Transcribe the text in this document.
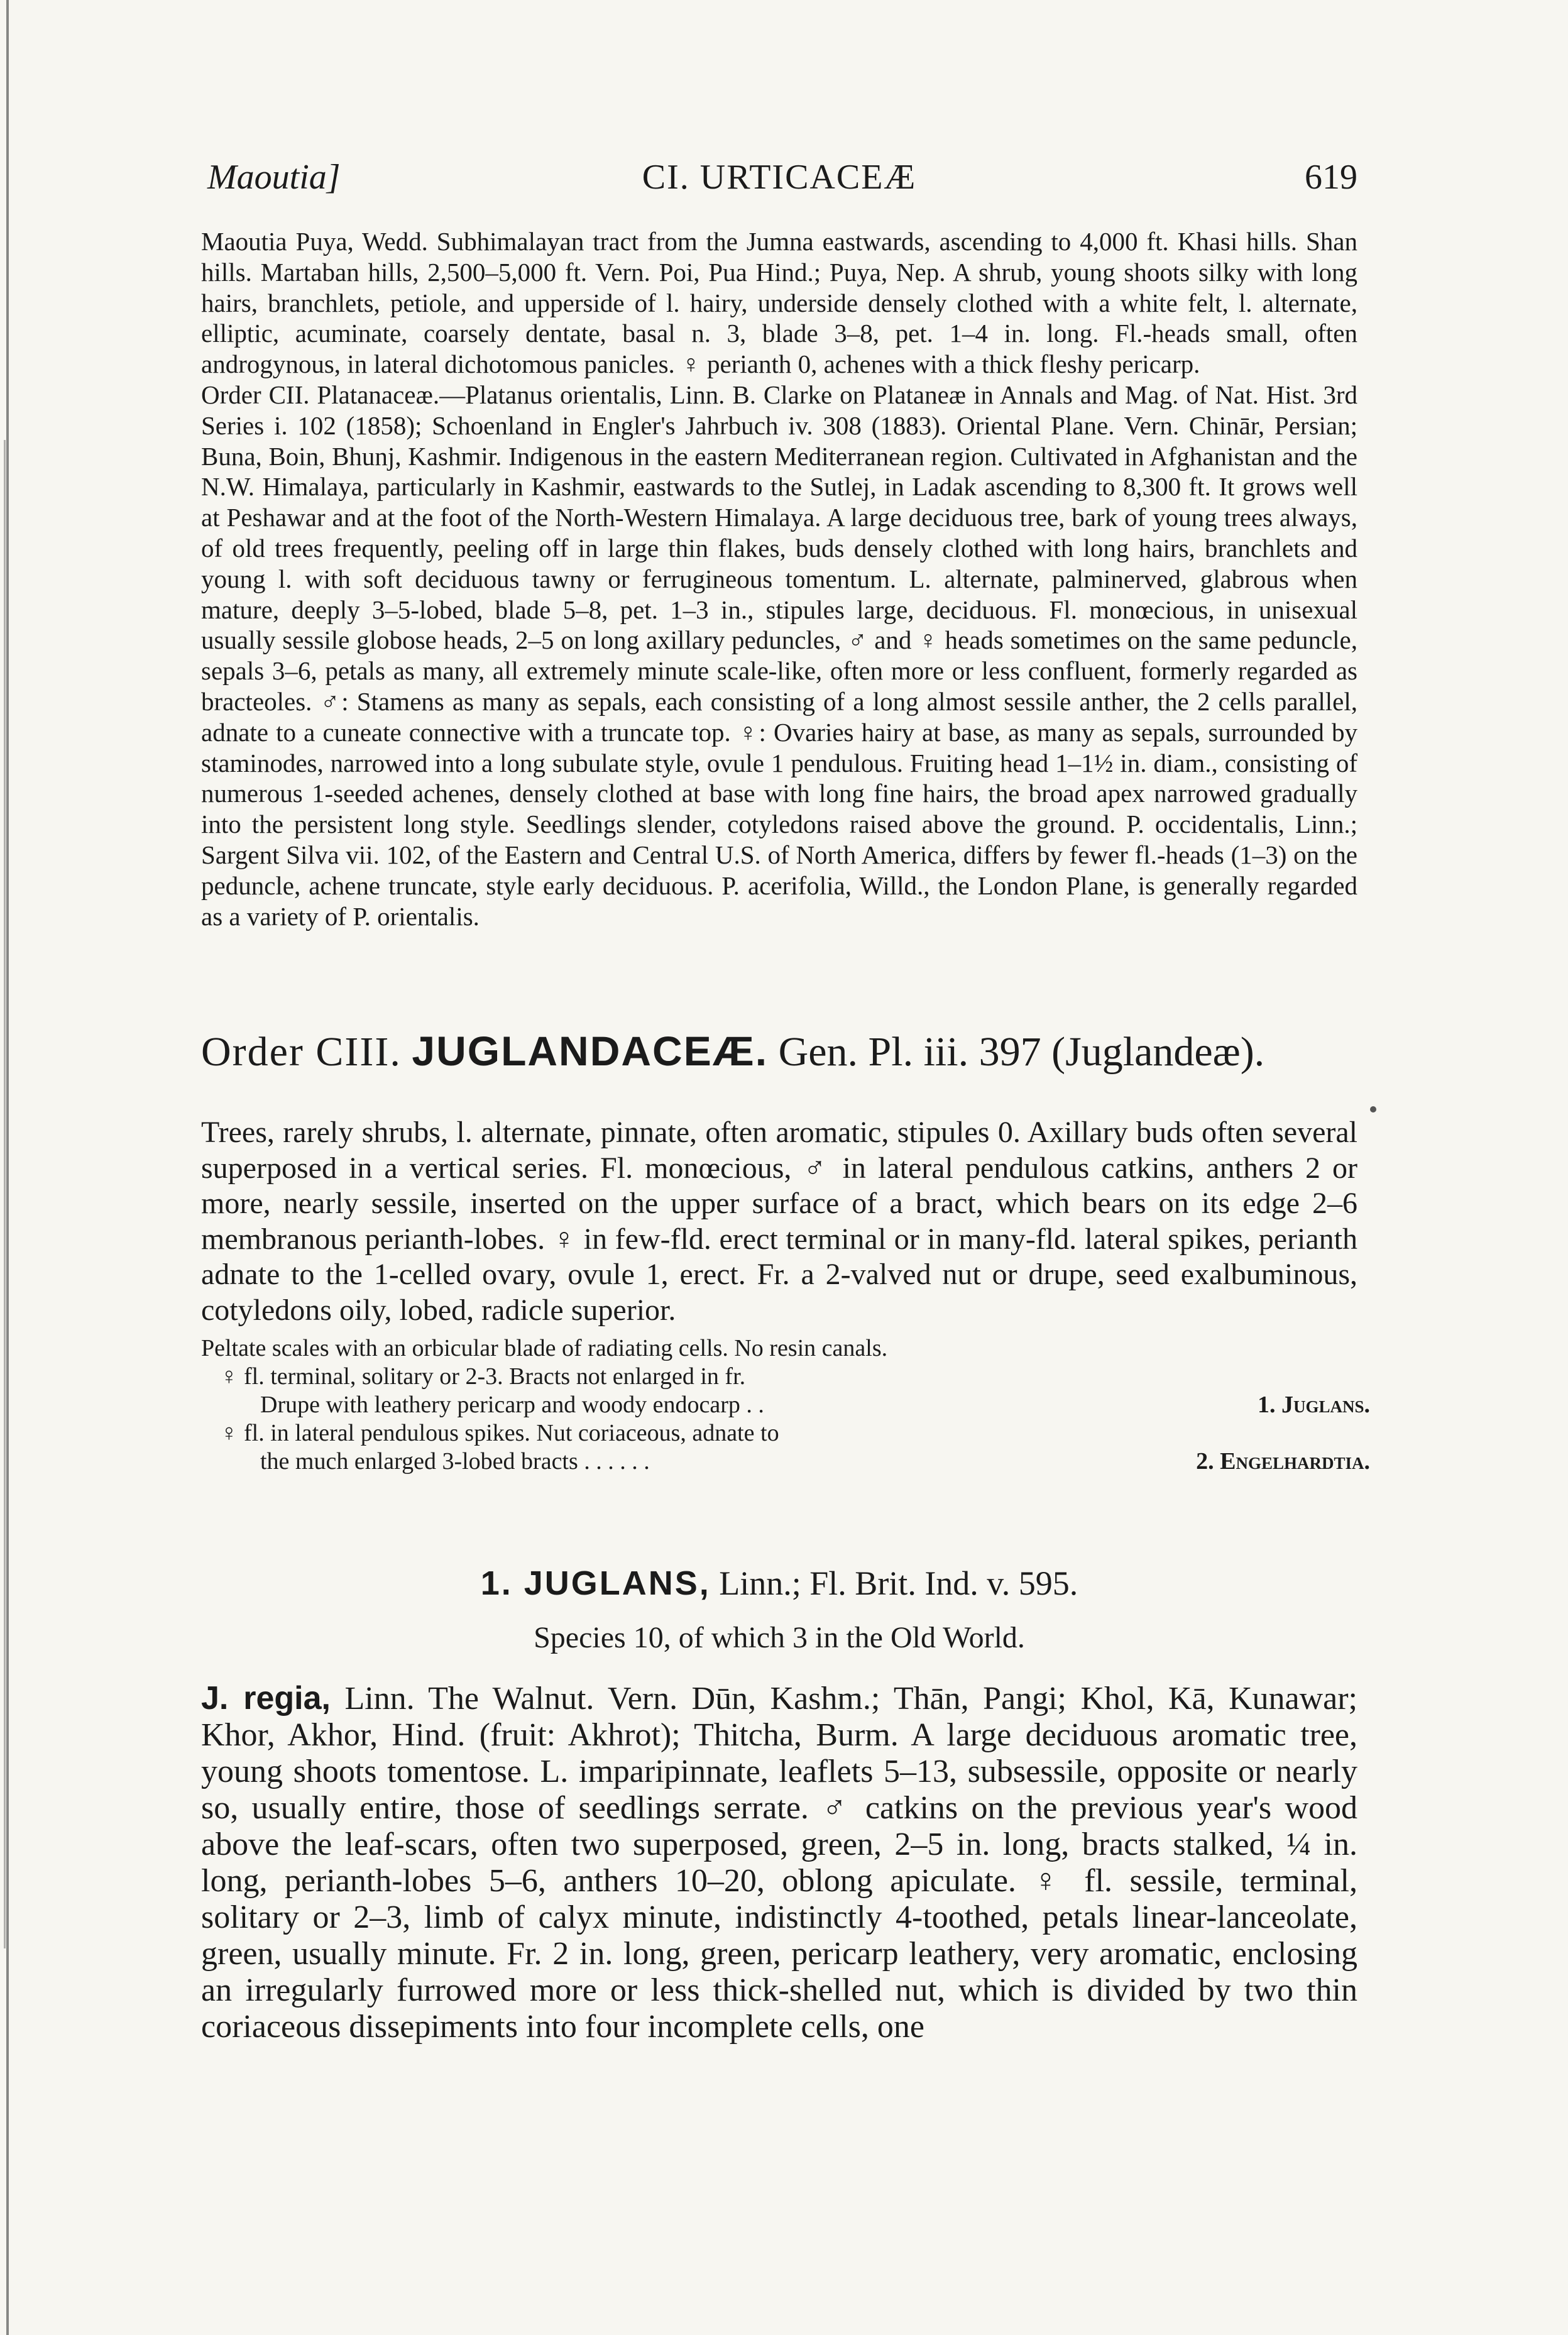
Maoutia]	CI. URTICACEÆ	619

Maoutia Puya, Wedd. Subhimalayan tract from the Jumna eastwards, ascending to 4,000 ft. Khasi hills. Shan hills. Martaban hills, 2,500–5,000 ft. Vern. Poi, Pua Hind.; Puya, Nep. A shrub, young shoots silky with long hairs, branchlets, petiole, and upperside of l. hairy, underside densely clothed with a white felt, l. alternate, elliptic, acuminate, coarsely dentate, basal n. 3, blade 3–8, pet. 1–4 in. long. Fl.-heads small, often androgynous, in lateral dichotomous panicles. ♀ perianth 0, achenes with a thick fleshy pericarp.

Order CII. Platanaceæ.—Platanus orientalis, Linn. B. Clarke on Plataneæ in Annals and Mag. of Nat. Hist. 3rd Series i. 102 (1858); Schoenland in Engler's Jahrbuch iv. 308 (1883). Oriental Plane. Vern. Chinār, Persian; Buna, Boin, Bhunj, Kashmir. Indigenous in the eastern Mediterranean region. Cultivated in Afghanistan and the N.W. Himalaya, particularly in Kashmir, eastwards to the Sutlej, in Ladak ascending to 8,300 ft. It grows well at Peshawar and at the foot of the North-Western Himalaya. A large deciduous tree, bark of young trees always, of old trees frequently, peeling off in large thin flakes, buds densely clothed with long hairs, branchlets and young l. with soft deciduous tawny or ferrugineous tomentum. L. alternate, palminerved, glabrous when mature, deeply 3–5-lobed, blade 5–8, pet. 1–3 in., stipules large, deciduous. Fl. monœcious, in unisexual usually sessile globose heads, 2–5 on long axillary peduncles, ♂ and ♀ heads sometimes on the same peduncle, sepals 3–6, petals as many, all extremely minute scale-like, often more or less confluent, formerly regarded as bracteoles. ♂: Stamens as many as sepals, each consisting of a long almost sessile anther, the 2 cells parallel, adnate to a cuneate connective with a truncate top. ♀: Ovaries hairy at base, as many as sepals, surrounded by staminodes, narrowed into a long subulate style, ovule 1 pendulous. Fruiting head 1–1½ in. diam., consisting of numerous 1-seeded achenes, densely clothed at base with long fine hairs, the broad apex narrowed gradually into the persistent long style. Seedlings slender, cotyledons raised above the ground. P. occidentalis, Linn.; Sargent Silva vii. 102, of the Eastern and Central U.S. of North America, differs by fewer fl.-heads (1–3) on the peduncle, achene truncate, style early deciduous. P. acerifolia, Willd., the London Plane, is generally regarded as a variety of P. orientalis.

Order CIII. JUGLANDACEÆ. Gen. Pl. iii. 397 (Juglandeæ).

Trees, rarely shrubs, l. alternate, pinnate, often aromatic, stipules 0. Axillary buds often several superposed in a vertical series. Fl. monœcious, ♂ in lateral pendulous catkins, anthers 2 or more, nearly sessile, inserted on the upper surface of a bract, which bears on its edge 2–6 membranous perianth-lobes. ♀ in few-fld. erect terminal or in many-fld. lateral spikes, perianth adnate to the 1-celled ovary, ovule 1, erect. Fr. a 2-valved nut or drupe, seed exalbuminous, cotyledons oily, lobed, radicle superior.

Peltate scales with an orbicular blade of radiating cells. No resin canals.
♀ fl. terminal, solitary or 2-3. Bracts not enlarged in fr.
Drupe with leathery pericarp and woody endocarp . .	1. Juglans.
♀ fl. in lateral pendulous spikes. Nut coriaceous, adnate to
the much enlarged 3-lobed bracts . . . . . .	2. Engelhardtia.
1. JUGLANS, Linn.; Fl. Brit. Ind. v. 595.
Species 10, of which 3 in the Old World.

J. regia, Linn. The Walnut. Vern. Dūn, Kashm.; Thān, Pangi; Khol, Kā, Kunawar; Khor, Akhor, Hind. (fruit: Akhrot); Thitcha, Burm. A large deciduous aromatic tree, young shoots tomentose. L. imparipinnate, leaflets 5–13, subsessile, opposite or nearly so, usually entire, those of seedlings serrate. ♂ catkins on the previous year's wood above the leaf-scars, often two superposed, green, 2–5 in. long, bracts stalked, ¼ in. long, perianth-lobes 5–6, anthers 10–20, oblong apiculate. ♀ fl. sessile, terminal, solitary or 2–3, limb of calyx minute, indistinctly 4-toothed, petals linear-lanceolate, green, usually minute. Fr. 2 in. long, green, pericarp leathery, very aromatic, enclosing an irregularly furrowed more or less thick-shelled nut, which is divided by two thin coriaceous dissepiments into four incomplete cells, one
